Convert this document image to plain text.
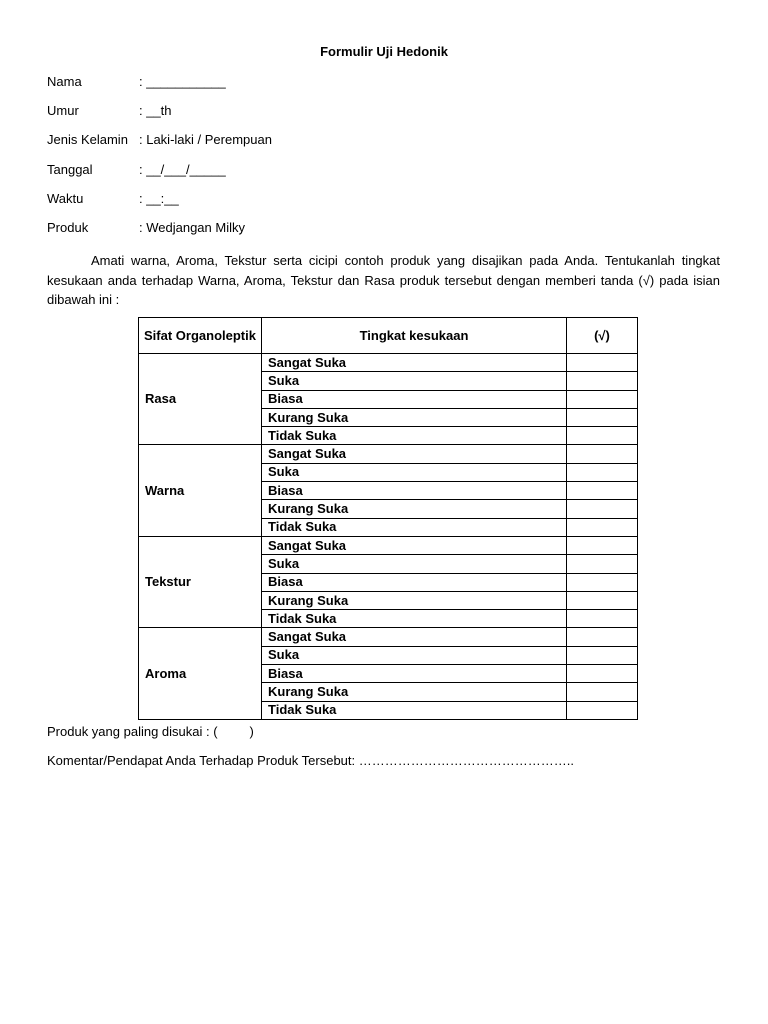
Formulir Uji Hedonik
Nama	: ___________
Umur	: __th
Jenis Kelamin : Laki-laki / Perempuan
Tanggal	: __/___/_____
Waktu	: __:__
Produk	: Wedjangan Milky
Amati warna, Aroma, Tekstur serta cicipi contoh produk yang disajikan pada Anda. Tentukanlah tingkat kesukaan anda terhadap Warna, Aroma, Tekstur dan Rasa produk tersebut dengan memberi tanda (√) pada isian dibawah ini :
Sifat Organoleptik	Tingkat kesukaan	(√)
Rasa	Sangat Suka	
	Suka	
	Biasa	
	Kurang Suka	
	Tidak Suka	
Warna	Sangat Suka	
	Suka	
	Biasa	
	Kurang Suka	
	Tidak Suka	
Tekstur	Sangat Suka	
	Suka	
	Biasa	
	Kurang Suka	
	Tidak Suka	
Aroma	Sangat Suka	
	Suka	
	Biasa	
	Kurang Suka	
	Tidak Suka	
Produk yang paling disukai : ( )
Komentar/Pendapat Anda Terhadap Produk Tersebut: …………………………………………..
